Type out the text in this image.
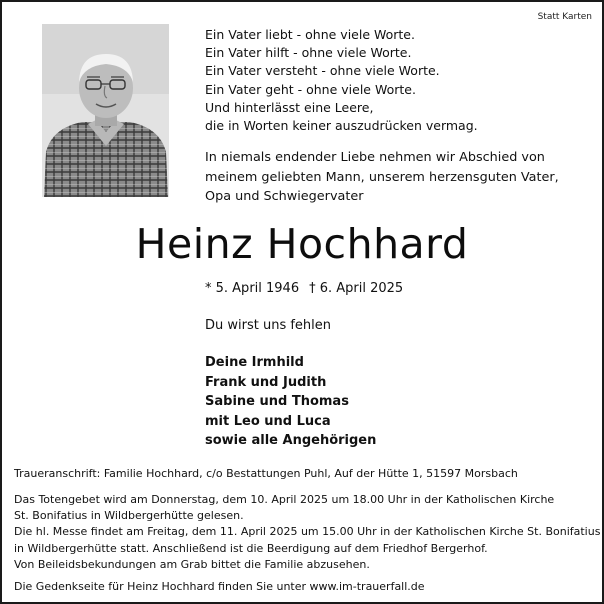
Statt Karten
Ein Vater liebt - ohne viele Worte.
Ein Vater hilft - ohne viele Worte.
Ein Vater versteht - ohne viele Worte.
Ein Vater geht - ohne viele Worte.
Und hinterlässt eine Leere,
die in Worten keiner auszudrücken vermag.
In niemals endender Liebe nehmen wir Abschied von
meinem geliebten Mann, unserem herzensguten Vater,
Opa und Schwiegervater
Heinz Hochhard
* 5. April 1946 † 6. April 2025
Du wirst uns fehlen
Deine Irmhild
Frank und Judith
Sabine und Thomas
mit Leo und Luca
sowie alle Angehörigen
Traueranschrift: Familie Hochhard, c/o Bestattungen Puhl, Auf der Hütte 1, 51597 Morsbach
Das Totengebet wird am Donnerstag, dem 10. April 2025 um 18.00 Uhr in der Katholischen Kirche
St. Bonifatius in Wildbergerhütte gelesen.
Die hl. Messe findet am Freitag, dem 11. April 2025 um 15.00 Uhr in der Katholischen Kirche St. Bonifatius
in Wildbergerhütte statt. Anschließend ist die Beerdigung auf dem Friedhof Bergerhof.
Von Beileidsbekundungen am Grab bittet die Familie abzusehen.
Die Gedenkseite für Heinz Hochhard finden Sie unter www.im-trauerfall.de
